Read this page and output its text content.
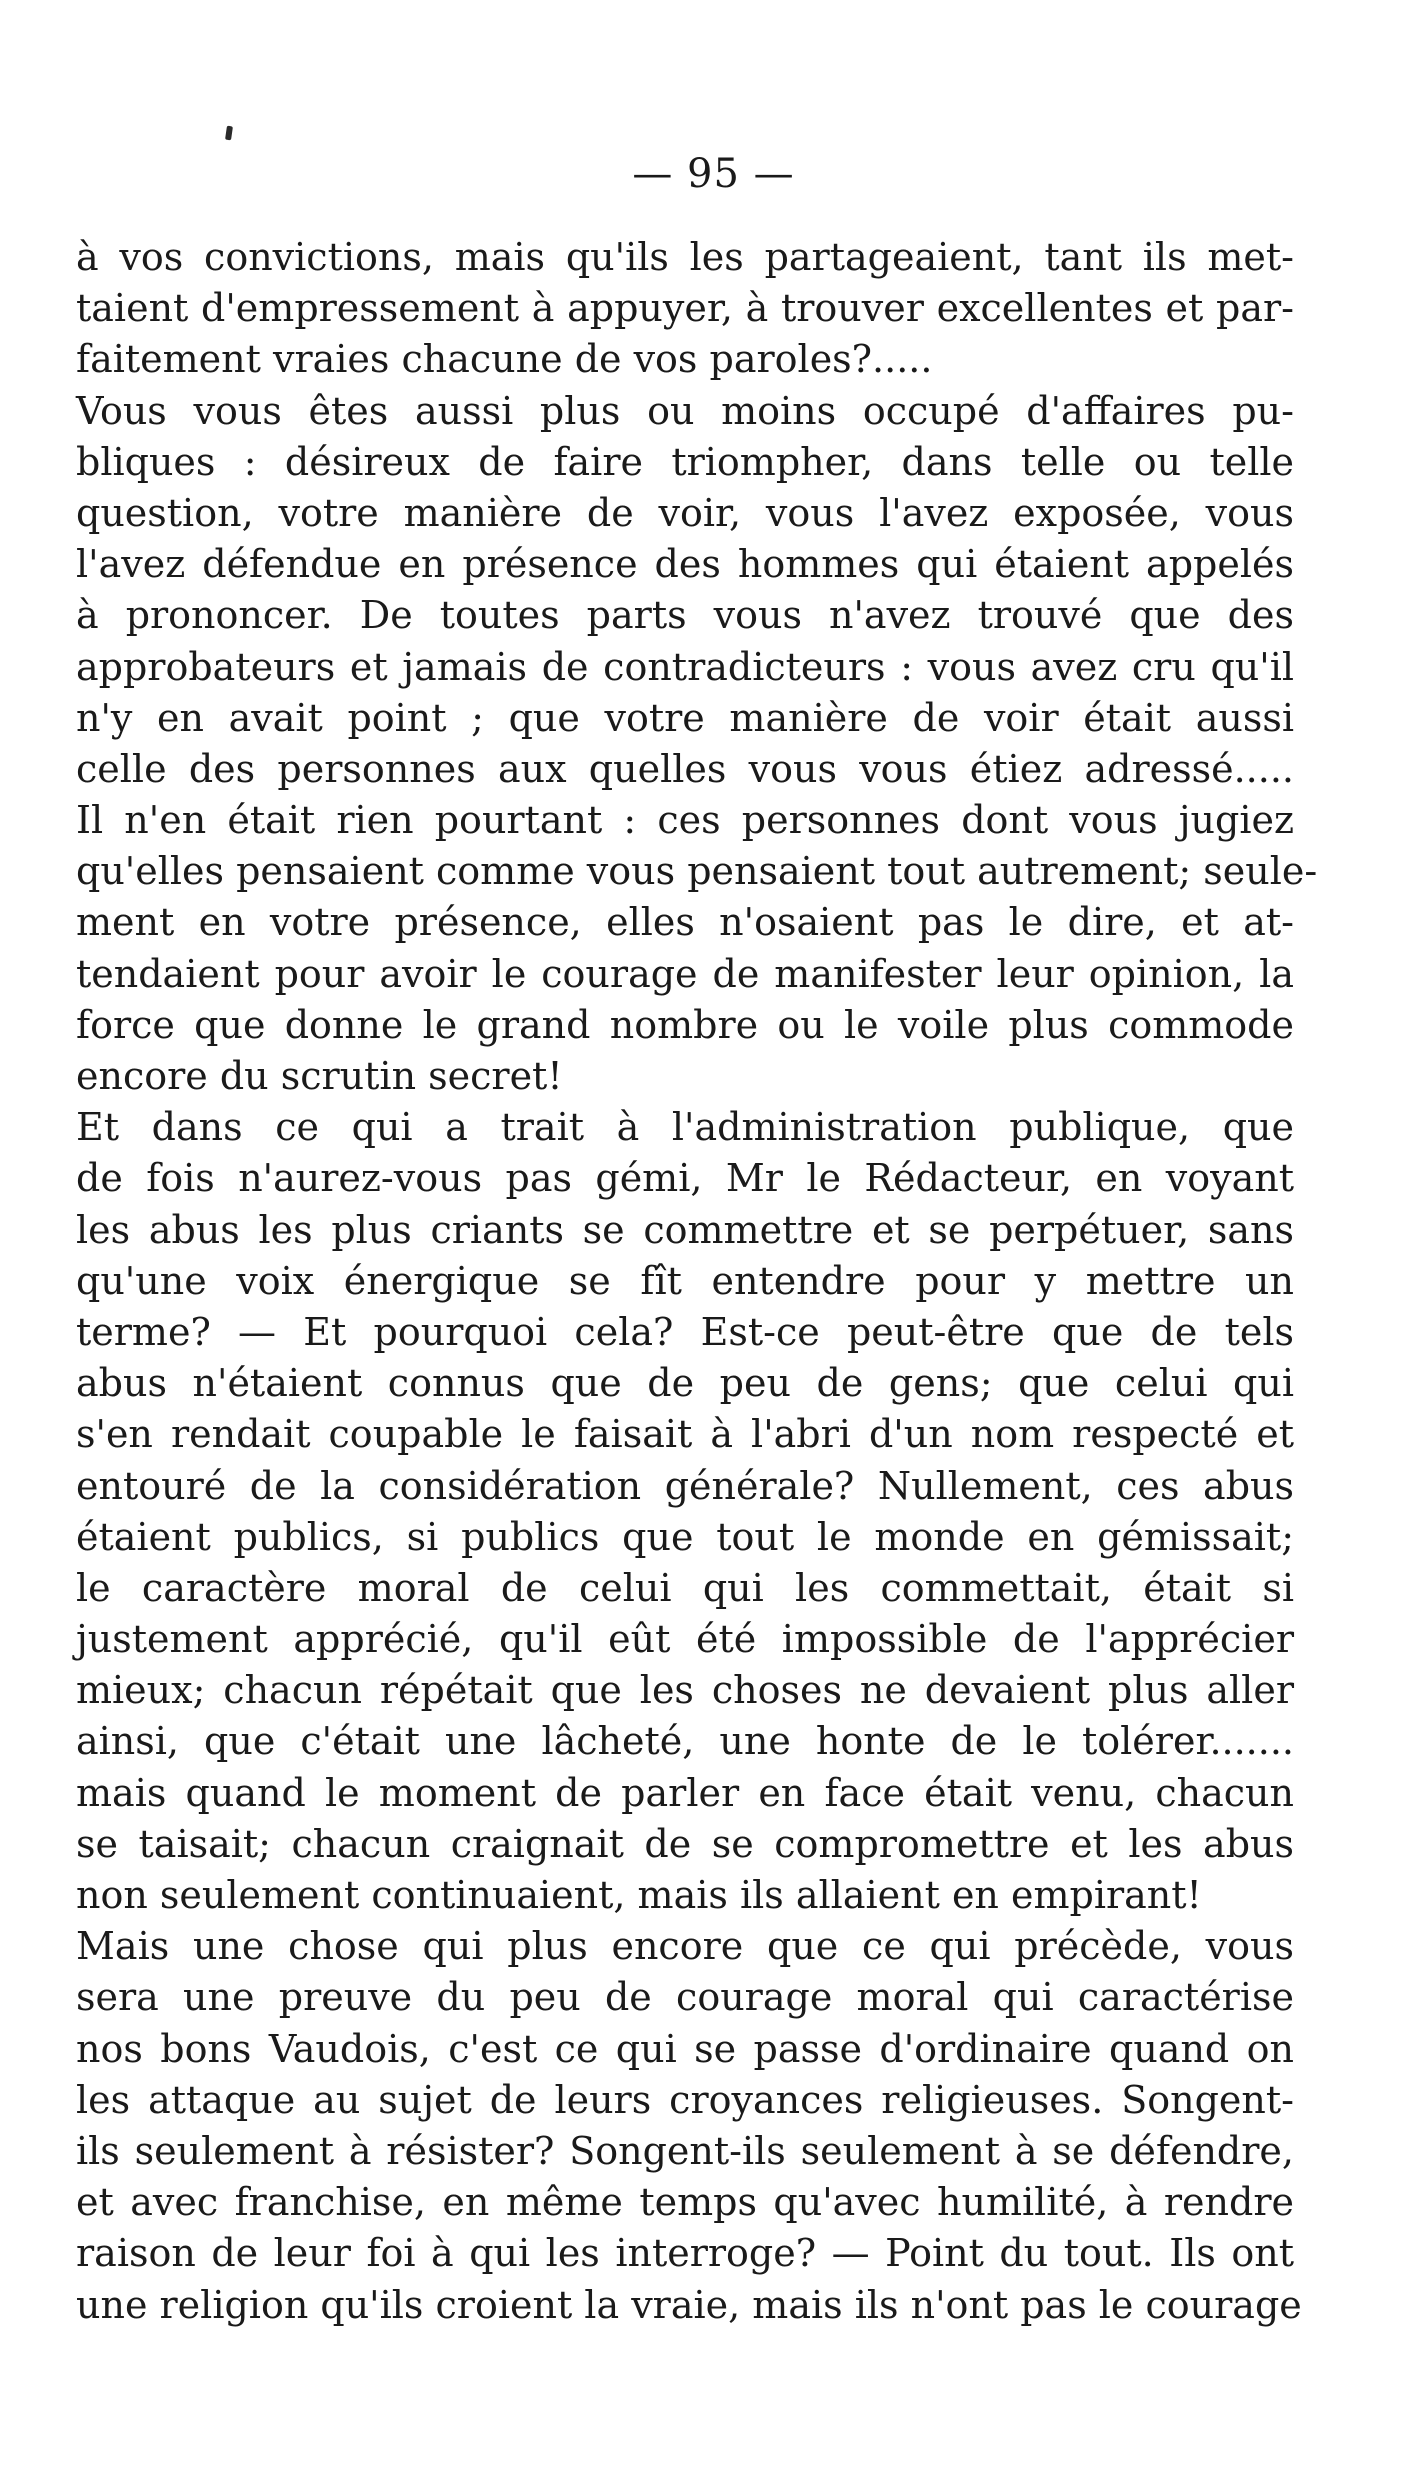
— 95 —
à vos convictions, mais qu'ils les partageaient, tant ils met-
taient d'empressement à appuyer, à trouver excellentes et par-
faitement vraies chacune de vos paroles?.....
Vous vous êtes aussi plus ou moins occupé d'affaires pu-
bliques : désireux de faire triompher, dans telle ou telle
question, votre manière de voir, vous l'avez exposée, vous
l'avez défendue en présence des hommes qui étaient appelés
à prononcer. De toutes parts vous n'avez trouvé que des
approbateurs et jamais de contradicteurs : vous avez cru qu'il
n'y en avait point ; que votre manière de voir était aussi
celle des personnes aux quelles vous vous étiez adressé.....
Il n'en était rien pourtant : ces personnes dont vous jugiez
qu'elles pensaient comme vous pensaient tout autrement; seule-
ment en votre présence, elles n'osaient pas le dire, et at-
tendaient pour avoir le courage de manifester leur opinion, la
force que donne le grand nombre ou le voile plus commode
encore du scrutin secret!
Et dans ce qui a trait à l'administration publique, que
de fois n'aurez-vous pas gémi, Mr le Rédacteur, en voyant
les abus les plus criants se commettre et se perpétuer, sans
qu'une voix énergique se fît entendre pour y mettre un
terme? — Et pourquoi cela? Est-ce peut-être que de tels
abus n'étaient connus que de peu de gens; que celui qui
s'en rendait coupable le faisait à l'abri d'un nom respecté et
entouré de la considération générale? Nullement, ces abus
étaient publics, si publics que tout le monde en gémissait;
le caractère moral de celui qui les commettait, était si
justement apprécié, qu'il eût été impossible de l'apprécier
mieux; chacun répétait que les choses ne devaient plus aller
ainsi, que c'était une lâcheté, une honte de le tolérer.......
mais quand le moment de parler en face était venu, chacun
se taisait; chacun craignait de se compromettre et les abus
non seulement continuaient, mais ils allaient en empirant!
Mais une chose qui plus encore que ce qui précède, vous
sera une preuve du peu de courage moral qui caractérise
nos bons Vaudois, c'est ce qui se passe d'ordinaire quand on
les attaque au sujet de leurs croyances religieuses. Songent-
ils seulement à résister? Songent-ils seulement à se défendre,
et avec franchise, en même temps qu'avec humilité, à rendre
raison de leur foi à qui les interroge? — Point du tout. Ils ont
une religion qu'ils croient la vraie, mais ils n'ont pas le courage
